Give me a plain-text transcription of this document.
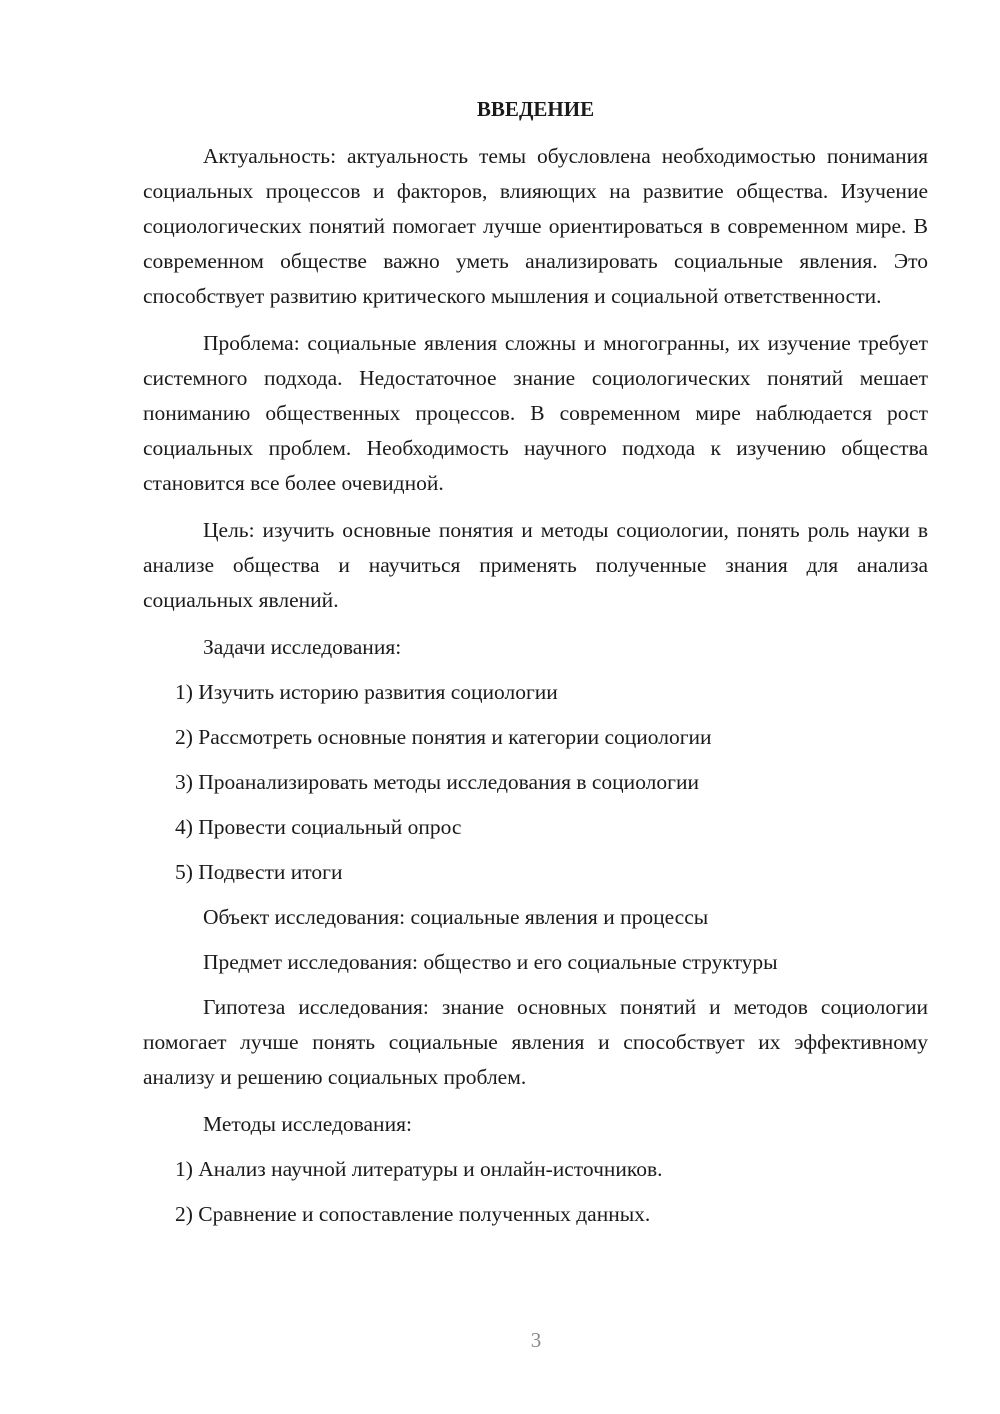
ВВЕДЕНИЕ

Актуальность: актуальность темы обусловлена необходимостью понимания социальных процессов и факторов, влияющих на развитие общества. Изучение социологических понятий помогает лучше ориентироваться в современном мире. В современном обществе важно уметь анализировать социальные явления. Это способствует развитию критического мышления и социальной ответственности.

Проблема: социальные явления сложны и многогранны, их изучение требует системного подхода. Недостаточное знание социологических понятий мешает пониманию общественных процессов. В современном мире наблюдается рост социальных проблем. Необходимость научного подхода к изучению общества становится все более очевидной.

Цель: изучить основные понятия и методы социологии, понять роль науки в анализе общества и научиться применять полученные знания для анализа социальных явлений.

Задачи исследования:

1) Изучить историю развития социологии

2) Рассмотреть основные понятия и категории социологии

3) Проанализировать методы исследования в социологии

4) Провести социальный опрос

5) Подвести итоги

Объект исследования: социальные явления и процессы

Предмет исследования: общество и его социальные структуры

Гипотеза исследования: знание основных понятий и методов социологии помогает лучше понять социальные явления и способствует их эффективному анализу и решению социальных проблем.

Методы исследования:

1) Анализ научной литературы и онлайн-источников.

2) Сравнение и сопоставление полученных данных.

3
